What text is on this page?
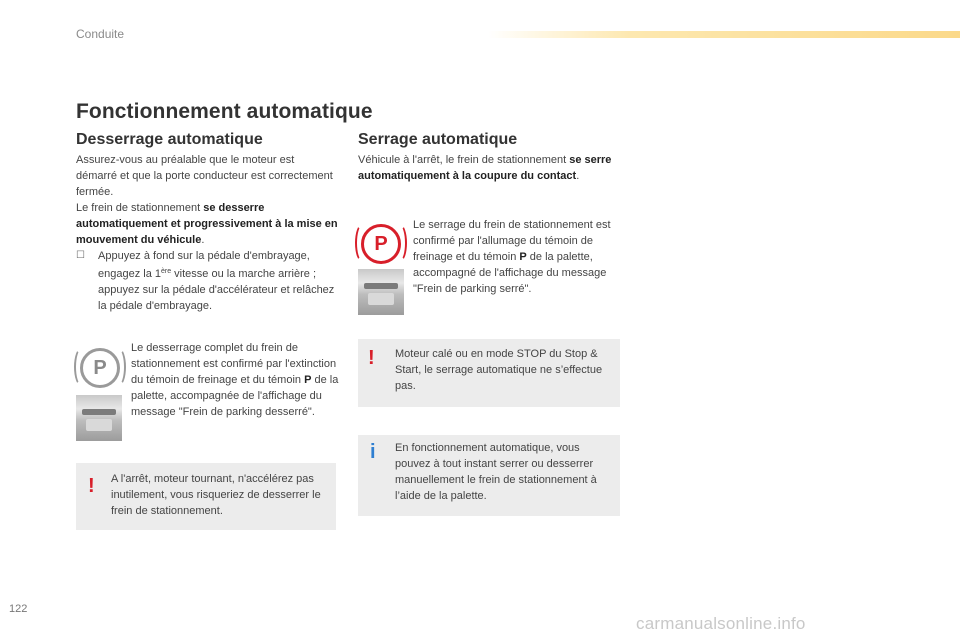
Conduite
Fonctionnement automatique
Desserrage automatique
Assurez-vous au préalable que le moteur est démarré et que la porte conducteur est correctement fermée.
Le frein de stationnement se desserre automatiquement et progressivement à la mise en mouvement du véhicule.
☐	Appuyez à fond sur la pédale d'embrayage, engagez la 1ère vitesse ou la marche arrière ; appuyez sur la pédale d'accélérateur et relâchez la pédale d'embrayage.
P
Le desserrage complet du frein de stationnement est confirmé par l'extinction du témoin de freinage et du témoin P de la palette, accompagnée de l'affichage du message "Frein de parking desserré".
! A l'arrêt, moteur tournant, n'accélérez pas inutilement, vous risqueriez de desserrer le frein de stationnement.
Serrage automatique
Véhicule à l'arrêt, le frein de stationnement se serre automatiquement à la coupure du contact.
P
Le serrage du frein de stationnement est confirmé par l'allumage du témoin de freinage et du témoin P de la palette, accompagné de l'affichage du message "Frein de parking serré".
! Moteur calé ou en mode STOP du Stop & Start, le serrage automatique ne s’effectue pas.
i En fonctionnement automatique, vous pouvez à tout instant serrer ou desserrer manuellement le frein de stationnement à l’aide de la palette.
122
carmanualsonline.info
